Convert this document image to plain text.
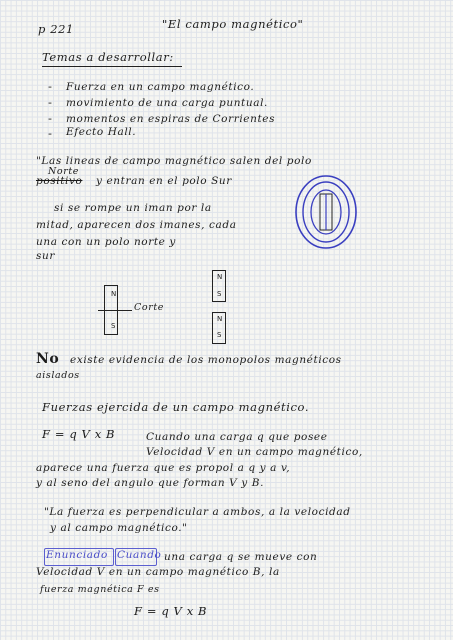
p 221	"El campo magnético"
Temas a desarrollar:
- Fuerza en un campo magnético.
- movimiento de una carga puntual.
- momentos en espiras de Corrientes
- Efecto Hall.
"Las lineas de campo magnético salen del polo
Norte
positivo y entran en el polo Sur
si se rompe un iman por la
mitad, aparecen dos imanes, cada
una con un polo norte y
sur
N
S
Corte
N
S
N
S
No existe evidencia de los monopolos magnéticos
aislados
Fuerzas ejercida de un campo magnético.
F = q V x B	Cuando una carga q que posee
Velocidad V en un campo magnético,
aparece una fuerza que es propol a q y a v,
y al seno del angulo que forman V y B.
"La fuerza es perpendicular a ambos, a la velocidad
y al campo magnético."
Enunciado Cuando una carga q se mueve con
Velocidad V en un campo magnético B, la
fuerza magnética F es
F = q V x B
